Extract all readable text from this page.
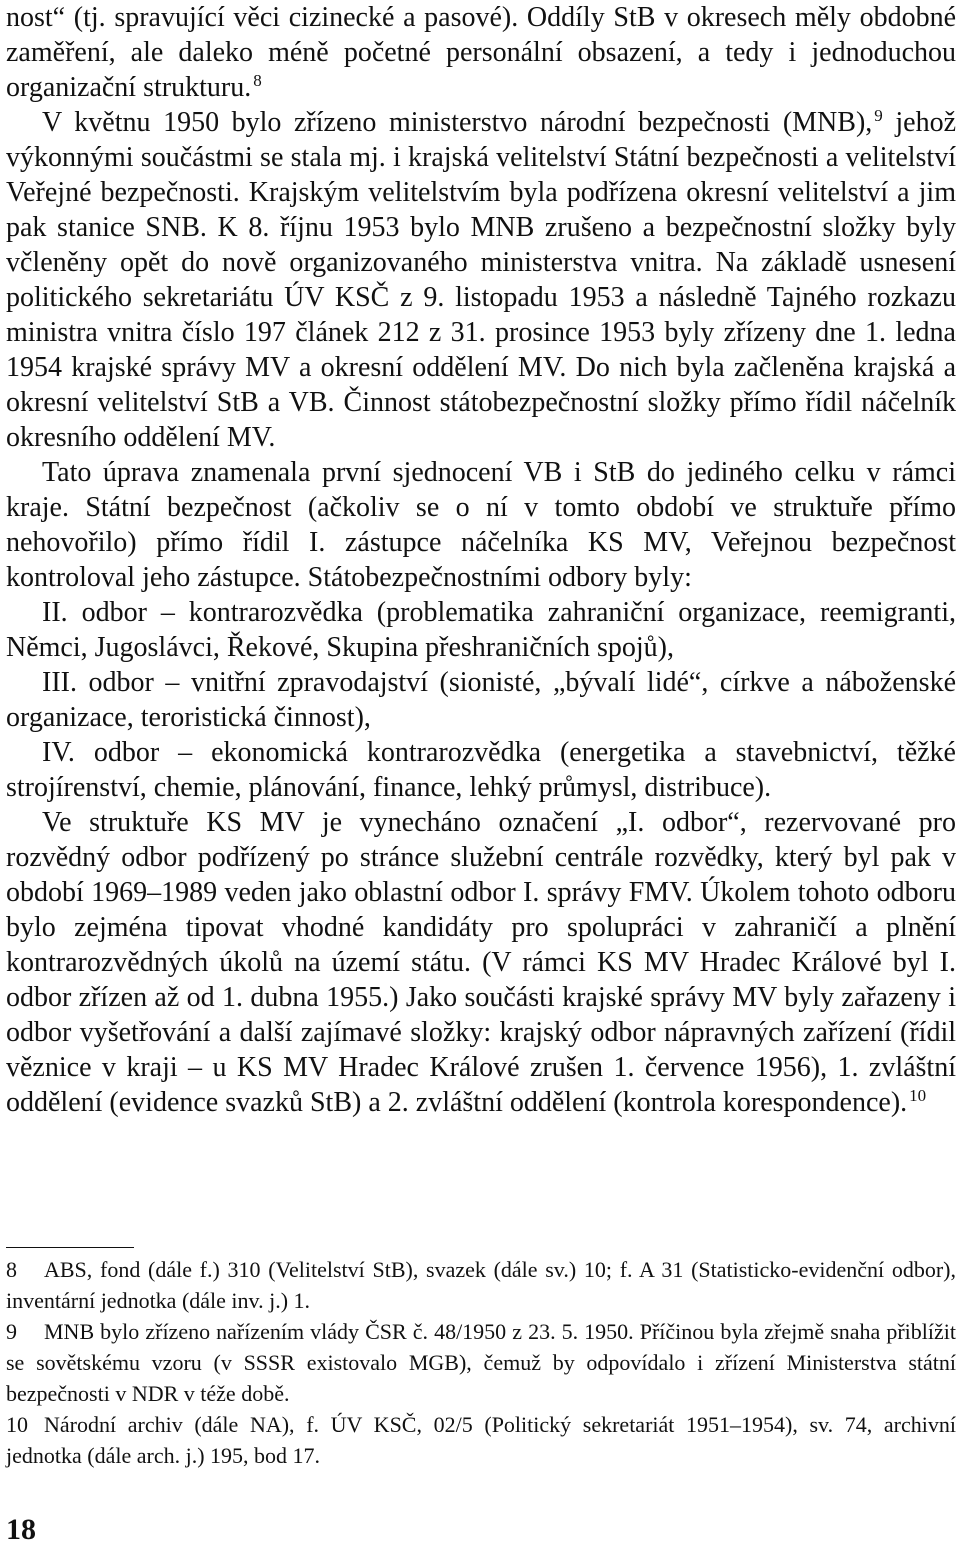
nost“ (tj. spravující věci cizinecké a pasové). Oddíly StB v okresech měly obdobné zaměření, ale daleko méně početné personální obsazení, a tedy i jednoduchou organizační strukturu. $^8$

V květnu 1950 bylo zřízeno ministerstvo národní bezpečnosti (MNB), $^9$ jehož výkonnými součástmi se stala mj. i krajská velitelství Státní bezpečnosti a velitelství Veřejné bezpečnosti. Krajským velitelstvím byla podřízena okresní velitelství a jim pak stanice SNB. K 8. říjnu 1953 bylo MNB zrušeno a bezpečnostní složky byly včleněny opět do nově organizovaného ministerstva vnitra. Na základě usnesení politického sekretariátu ÚV KSČ z 9. listopadu 1953 a následně Tajného rozkazu ministra vnitra číslo 197 článek 212 z 31. prosince 1953 byly zřízeny dne 1. ledna 1954 krajské správy MV a okresní oddělení MV. Do nich byla začleněna krajská a okresní velitelství StB a VB. Činnost státobezpečnostní složky přímo řídil náčelník okresního oddělení MV.

Tato úprava znamenala první sjednocení VB i StB do jediného celku v rámci kraje. Státní bezpečnost (ačkoliv se o ní v tomto období ve struktuře přímo nehovořilo) přímo řídil I. zástupce náčelníka KS MV, Veřejnou bezpečnost kontroloval jeho zástupce. Státobezpečnostními odbory byly:

II. odbor – kontrarozvědka (problematika zahraniční organizace, reemigranti, Němci, Jugoslávci, Řekové, Skupina přeshraničních spojů),

III. odbor – vnitřní zpravodajství (sionisté, „bývalí lidé“, církve a náboženské organizace, teroristická činnost),

IV. odbor – ekonomická kontrarozvědka (energetika a stavebnictví, těžké strojírenství, chemie, plánování, finance, lehký průmysl, distribuce).

Ve struktuře KS MV je vynecháno označení „I. odbor“, rezervované pro rozvědný odbor podřízený po stránce služební centrále rozvědky, který byl pak v období 1969–1989 veden jako oblastní odbor I. správy FMV. Úkolem tohoto odboru bylo zejména tipovat vhodné kandidáty pro spolupráci v zahraničí a plnění kontrarozvědných úkolů na území státu. (V rámci KS MV Hradec Králové byl I. odbor zřízen až od 1. dubna 1955.) Jako součásti krajské správy MV byly zařazeny i odbor vyšetřování a další zajímavé složky: krajský odbor nápravných zařízení (řídil věznice v kraji – u KS MV Hradec Králové zrušen 1. července 1956), 1. zvláštní oddělení (evidence svazků StB) a 2. zvláštní oddělení (kontrola korespondence). $^{10}$

8 ABS, fond (dále f.) 310 (Velitelství StB), svazek (dále sv.) 10; f. A 31 (Statisticko-evidenční odbor), inventární jednotka (dále inv. j.) 1.

9 MNB bylo zřízeno nařízením vlády ČSR č. 48/1950 z 23. 5. 1950. Příčinou byla zřejmě snaha přiblížit se sovětskému vzoru (v SSSR existovalo MGB), čemuž by odpovídalo i zřízení Ministerstva státní bezpečnosti v NDR v téže době.

10 Národní archiv (dále NA), f. ÚV KSČ, 02/5 (Politický sekretariát 1951–1954), sv. 74, archivní jednotka (dále arch. j.) 195, bod 17.

18
